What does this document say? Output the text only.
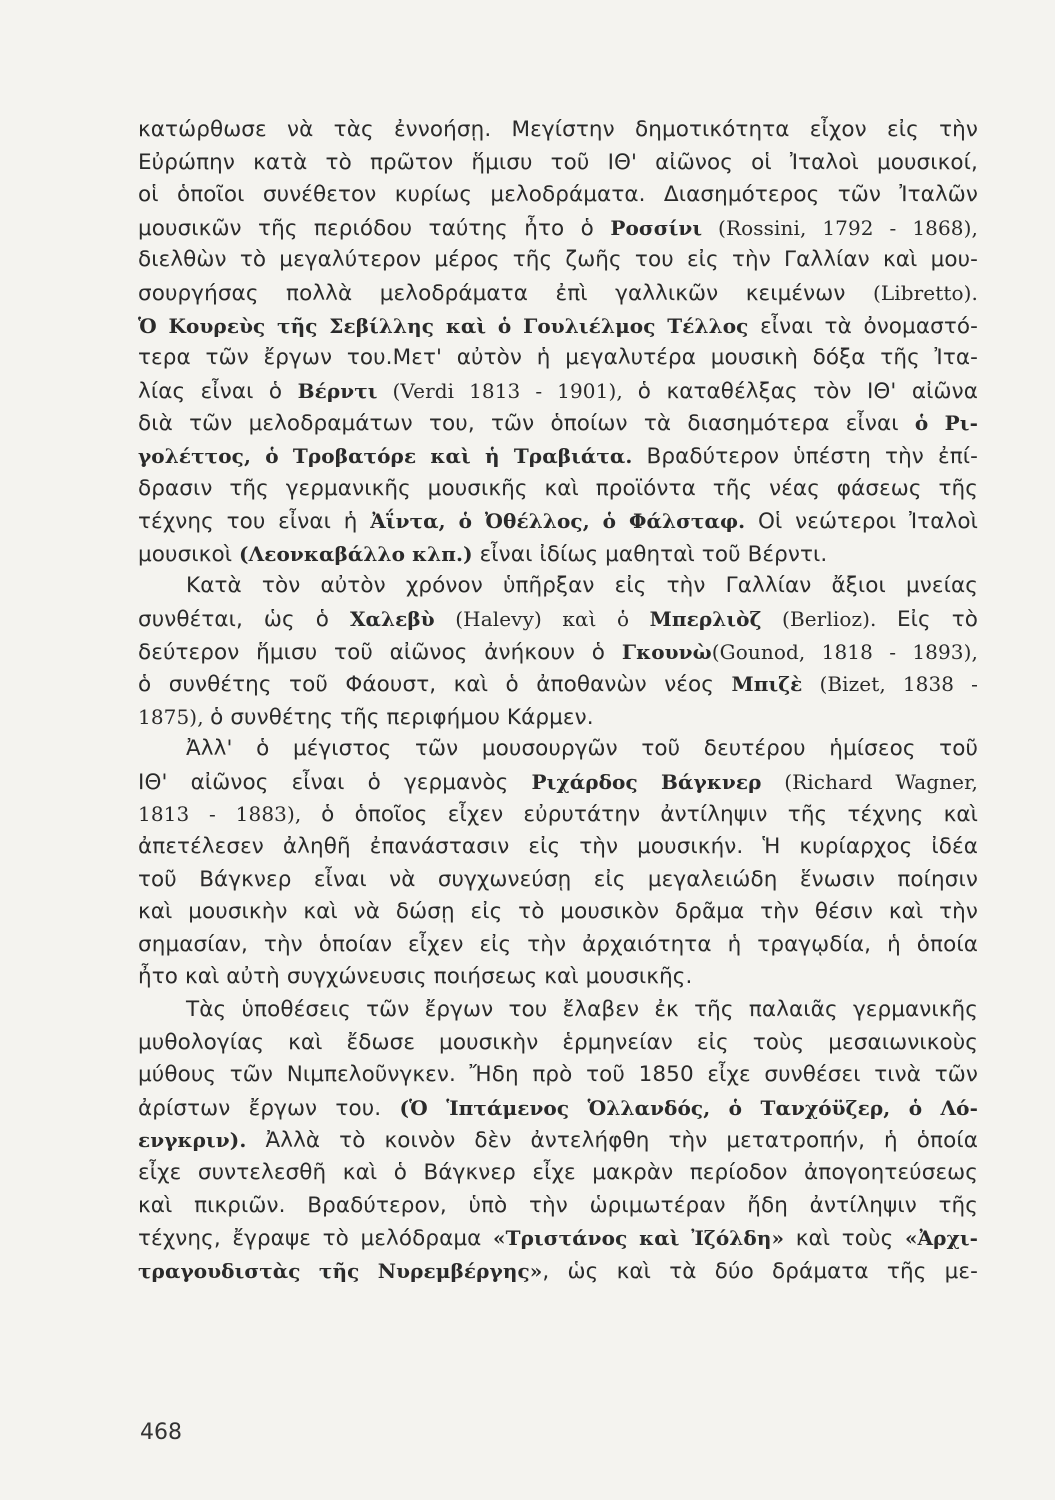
κατώρθωσε νὰ τὰς ἐννοήσῃ. Μεγίστην δημοτικότητα εἶχον εἰς τὴν
Εὐρώπην κατὰ τὸ πρῶτον ἥμισυ τοῦ ΙΘ' αἰῶνος οἱ Ἰταλοὶ μουσικοί,
οἱ ὁποῖοι συνέθετον κυρίως μελοδράματα. Διασημότερος τῶν Ἰταλῶν
μουσικῶν τῆς περιόδου ταύτης ἦτο ὁ Ροσσίνι (Rossini, 1792 - 1868),
διελθὼν τὸ μεγαλύτερον μέρος τῆς ζωῆς του εἰς τὴν Γαλλίαν καὶ μου-
σουργήσας πολλὰ μελοδράματα ἐπὶ γαλλικῶν κειμένων (Libretto).
Ὁ Κουρεὺς τῆς Σεβίλλης καὶ ὁ Γουλιέλμος Τέλλος εἶναι τὰ ὀνομαστό-
τερα τῶν ἔργων του.Μετ' αὐτὸν ἡ μεγαλυτέρα μουσικὴ δόξα τῆς Ἰτα-
λίας εἶναι ὁ Βέρντι (Verdi 1813 - 1901), ὁ καταθέλξας τὸν ΙΘ' αἰῶνα
διὰ τῶν μελοδραμάτων του, τῶν ὁποίων τὰ διασημότερα εἶναι ὁ Ρι-
γολέττος, ὁ Τροβατόρε καὶ ἡ Τραβιάτα. Βραδύτερον ὑπέστη τὴν ἐπί-
δρασιν τῆς γερμανικῆς μουσικῆς καὶ προϊόντα τῆς νέας φάσεως τῆς
τέχνης του εἶναι ἡ Ἀΐντα, ὁ Ὀθέλλος, ὁ Φάλσταφ. Οἱ νεώτεροι Ἰταλοὶ
μουσικοὶ (Λεονκαβάλλο κλπ.) εἶναι ἰδίως μαθηταὶ τοῦ Βέρντι.
Κατὰ τὸν αὐτὸν χρόνον ὑπῆρξαν εἰς τὴν Γαλλίαν ἄξιοι μνείας
συνθέται, ὡς ὁ Χαλεβὺ (Halevy) καὶ ὁ Μπερλιὸζ (Berlioz). Εἰς τὸ
δεύτερον ἥμισυ τοῦ αἰῶνος ἀνήκουν ὁ Γκουνὼ(Gounod, 1818 - 1893),
ὁ συνθέτης τοῦ Φάουστ, καὶ ὁ ἀποθανὼν νέος Μπιζὲ (Bizet, 1838 -
1875), ὁ συνθέτης τῆς περιφήμου Κάρμεν.
Ἀλλ' ὁ μέγιστος τῶν μουσουργῶν τοῦ δευτέρου ἡμίσεος τοῦ
ΙΘ' αἰῶνος εἶναι ὁ γερμανὸς Ριχάρδος Βάγκνερ (Richard Wagner,
1813 - 1883), ὁ ὁποῖος εἶχεν εὐρυτάτην ἀντίληψιν τῆς τέχνης καὶ
ἀπετέλεσεν ἀληθῆ ἐπανάστασιν εἰς τὴν μουσικήν. Ἡ κυρίαρχος ἰδέα
τοῦ Βάγκνερ εἶναι νὰ συγχωνεύσῃ εἰς μεγαλειώδη ἕνωσιν ποίησιν
καὶ μουσικὴν καὶ νὰ δώσῃ εἰς τὸ μουσικὸν δρᾶμα τὴν θέσιν καὶ τὴν
σημασίαν, τὴν ὁποίαν εἶχεν εἰς τὴν ἀρχαιότητα ἡ τραγῳδία, ἡ ὁποία
ἦτο καὶ αὐτὴ συγχώνευσις ποιήσεως καὶ μουσικῆς.
Τὰς ὑποθέσεις τῶν ἔργων του ἔλαβεν ἐκ τῆς παλαιᾶς γερμανικῆς
μυθολογίας καὶ ἔδωσε μουσικὴν ἑρμηνείαν εἰς τοὺς μεσαιωνικοὺς
μύθους τῶν Νιμπελοῦνγκεν. Ἤδη πρὸ τοῦ 1850 εἶχε συνθέσει τινὰ τῶν
ἀρίστων ἔργων του. (Ὁ Ἱπτάμενος Ὁλλανδός, ὁ Τανχόϋζερ, ὁ Λό-
ενγκριν). Ἀλλὰ τὸ κοινὸν δὲν ἀντελήφθη τὴν μετατροπήν, ἡ ὁποία
εἶχε συντελεσθῆ καὶ ὁ Βάγκνερ εἶχε μακρὰν περίοδον ἀπογοητεύσεως
καὶ πικριῶν. Βραδύτερον, ὑπὸ τὴν ὡριμωτέραν ἤδη ἀντίληψιν τῆς
τέχνης, ἔγραψε τὸ μελόδραμα «Τριστάνος καὶ Ἰζόλδη» καὶ τοὺς «Ἀρχι-
τραγουδιστὰς τῆς Νυρεμβέργης», ὡς καὶ τὰ δύο δράματα τῆς με-
468
